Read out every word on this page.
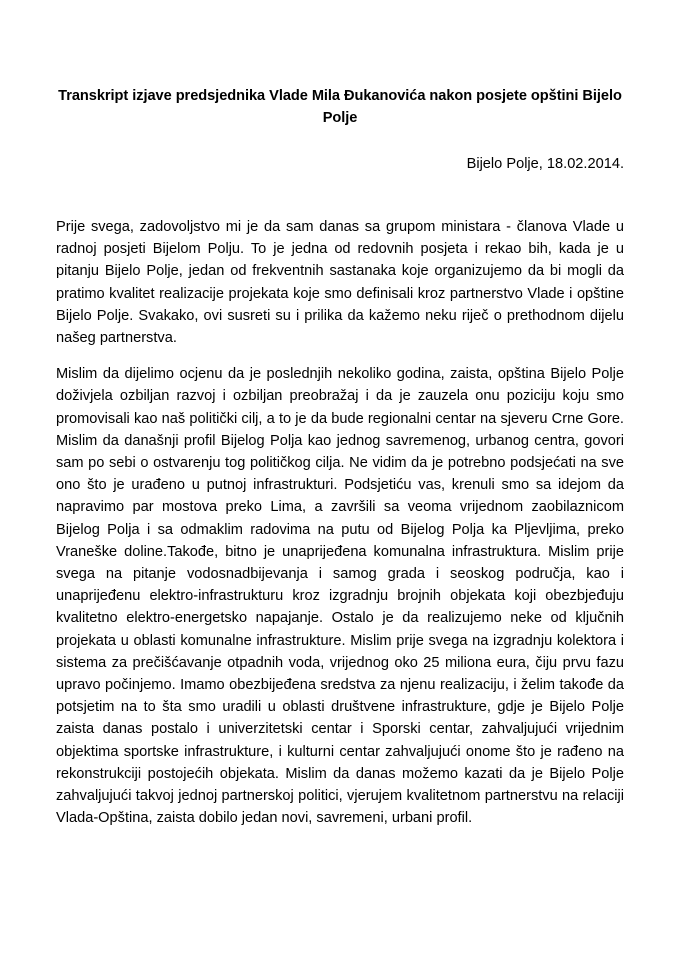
Transkript izjave predsjednika Vlade Mila Đukanovića nakon posjete opštini Bijelo Polje
Bijelo Polje, 18.02.2014.

Prije svega, zadovoljstvo mi je da sam danas sa grupom ministara - članova Vlade u radnoj posjeti Bijelom Polju. To je jedna od redovnih posjeta i rekao bih, kada je u pitanju Bijelo Polje, jedan od frekventnih sastanaka koje organizujemo da bi mogli da pratimo kvalitet realizacije projekata koje smo definisali kroz partnerstvo Vlade i opštine Bijelo Polje. Svakako, ovi susreti su i prilika da kažemo neku riječ o prethodnom dijelu našeg partnerstva.

Mislim da dijelimo ocjenu da je poslednjih nekoliko godina, zaista, opština Bijelo Polje doživjela ozbiljan razvoj i ozbiljan preobražaj i da je zauzela onu poziciju koju smo promovisali kao naš politički cilj, a to je da bude regionalni centar na sjeveru Crne Gore. Mislim da današnji profil Bijelog Polja kao jednog savremenog, urbanog centra, govori sam po sebi o ostvarenju tog političkog cilja. Ne vidim da je potrebno podsjećati na sve ono što je urađeno u putnoj infrastrukturi. Podsjetiću vas, krenuli smo sa idejom da napravimo par mostova preko Lima, a završili sa veoma vrijednom zaobilaznicom Bijelog Polja i sa odmaklim radovima na putu od Bijelog Polja ka Pljevljima, preko Vraneške doline.Takođe, bitno je unaprijeđena komunalna infrastruktura. Mislim prije svega na pitanje vodosnadbijevanja i samog grada i seoskog područja, kao i unaprijeđenu elektro-infrastrukturu kroz izgradnju brojnih objekata koji obezbjeđuju kvalitetno elektro-energetsko napajanje. Ostalo je da realizujemo neke od ključnih projekata u oblasti komunalne infrastrukture. Mislim prije svega na izgradnju kolektora i sistema za prečišćavanje otpadnih voda, vrijednog oko 25 miliona eura, čiju prvu fazu upravo počinjemo. Imamo obezbijeđena sredstva za njenu realizaciju, i želim takođe da potsjetim na to šta smo uradili u oblasti društvene infrastrukture, gdje je Bijelo Polje zaista danas postalo i univerzitetski centar i Sporski centar, zahvaljujući vrijednim objektima sportske infrastrukture, i kulturni centar zahvaljujući onome što je rađeno na rekonstrukciji postojećih objekata. Mislim da danas možemo kazati da je Bijelo Polje zahvaljujući takvoj jednoj partnerskoj politici, vjerujem kvalitetnom partnerstvu na relaciji Vlada-Opština, zaista dobilo jedan novi, savremeni, urbani profil.
